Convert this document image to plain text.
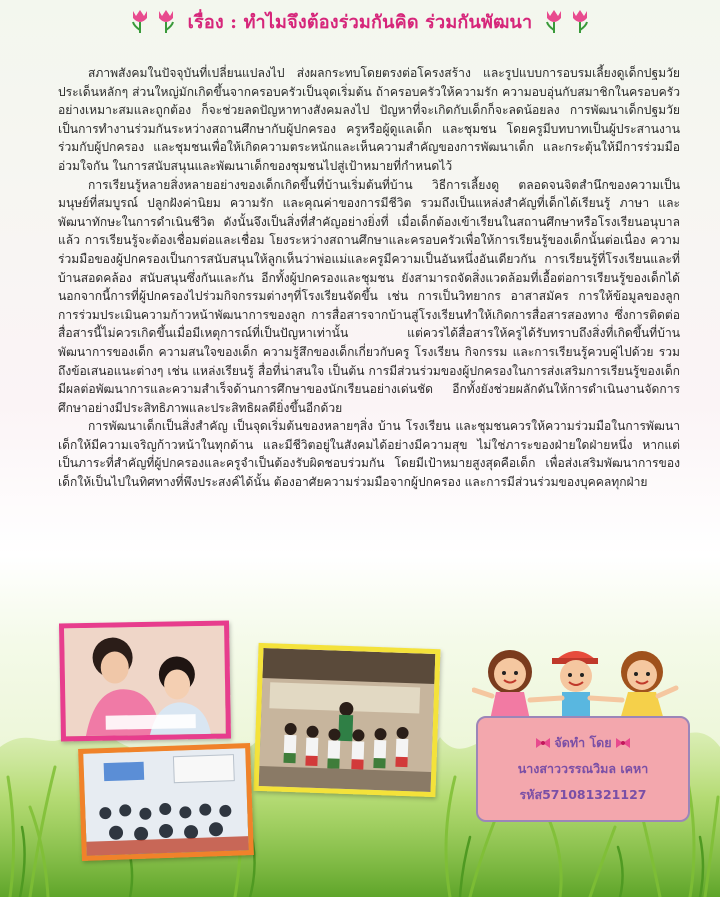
เรื่อง : ทำไมจึงต้องร่วมกันคิด ร่วมกันพัฒนา

สภาพสังคมในปัจจุบันที่เปลี่ยนแปลงไป ส่งผลกระทบโดยตรงต่อโครงสร้าง และรูปแบบการอบรมเลี้ยงดูเด็กปฐมวัย ประเด็นหลักๆ ส่วนใหญ่มักเกิดขึ้นจากครอบครัวเป็นจุดเริ่มต้น ถ้าครอบครัวให้ความรัก ความอบอุ่นกับสมาชิกในครอบครัวอย่างเหมาะสมและถูกต้อง ก็จะช่วยลดปัญหาทางสังคมลงไป ปัญหาที่จะเกิดกับเด็กก็จะลดน้อยลง การพัฒนาเด็กปฐมวัยเป็นการทำงานร่วมกันระหว่างสถานศึกษากับผู้ปกครอง ครูหรือผู้ดูแลเด็ก และชุมชน โดยครูมีบทบาทเป็นผู้ประสานงานร่วมกับผู้ปกครอง และชุมชนเพื่อให้เกิดความตระหนักและเห็นความสำคัญของการพัฒนาเด็ก และกระตุ้นให้มีการร่วมมืออ่วมใจกัน ในการสนับสนุนและพัฒนาเด็กของชุมชนไปสู่เป้าหมายที่กำหนดไว้

การเรียนรู้หลายสิ่งหลายอย่างของเด็กเกิดขึ้นที่บ้านเริ่มต้นที่บ้าน วิธีการเลี้ยงดู ตลอดจนจิตสำนึกของความเป็นมนุษย์ที่สมบูรณ์ ปลูกฝังค่านิยม ความรัก และคุณค่าของการมีชีวิต รวมถึงเป็นแหล่งสำคัญที่เด็กได้เรียนรู้ ภาษา และพัฒนาทักษะในการดำเนินชีวิต ดังนั้นจึงเป็นสิ่งที่สำคัญอย่างยิ่งที่ เมื่อเด็กต้องเข้าเรียนในสถานศึกษาหรือโรงเรียนอนุบาลแล้ว การเรียนรู้จะต้องเชื่อมต่อและเชื่อม โยงระหว่างสถานศึกษาและครอบครัวเพื่อให้การเรียนรู้ของเด็กนั้นต่อเนื่อง ความร่วมมือของผู้ปกครองเป็นการสนับสนุนให้ลูกเห็นว่าพ่อแม่และครูมีความเป็นอันหนึ่งอันเดียวกัน การเรียนรู้ที่โรงเรียนและที่บ้านสอดคล้อง สนับสนุนซึ่งกันและกัน อีกทั้งผู้ปกครองและชุมชน ยังสามารถจัดสิ่งแวดล้อมที่เอื้อต่อการเรียนรู้ของเด็กได้ นอกจากนี้การที่ผู้ปกครองไปร่วมกิจกรรมต่างๆที่โรงเรียนจัดขึ้น เช่น การเป็นวิทยากร อาสาสมัคร การให้ข้อมูลของลูก การร่วมประเมินความก้าวหน้าพัฒนาการของลูก การสื่อสารจากบ้านสู่โรงเรียนทำให้เกิดการสื่อสารสองทาง ซึ่งการติดต่อสื่อสารนี้ไม่ควรเกิดขึ้นเมื่อมีเหตุการณ์ที่เป็นปัญหาเท่านั้น แต่ควรได้สื่อสารให้ครูได้รับทราบถึงสิ่งที่เกิดขึ้นที่บ้าน พัฒนาการของเด็ก ความสนใจของเด็ก ความรู้สึกของเด็กเกี่ยวกับครู โรงเรียน กิจกรรม และการเรียนรู้ควบคู่ไปด้วย รวมถึงข้อเสนอแนะต่างๆ เช่น แหล่งเรียนรู้ สื่อที่น่าสนใจ เป็นต้น การมีส่วนร่วมของผู้ปกครองในการส่งเสริมการเรียนรู้ของเด็ก มีผลต่อพัฒนาการและความสำเร็จด้านการศึกษาของนักเรียนอย่างเด่นชัด อีกทั้งยังช่วยผลักดันให้การดำเนินงานจัดการศึกษาอย่างมีประสิทธิภาพและประสิทธิผลดียิ่งขึ้นอีกด้วย

การพัฒนาเด็กเป็นสิ่งสำคัญ เป็นจุดเริ่มต้นของหลายๆสิ่ง บ้าน โรงเรียน และชุมชนควรให้ความร่วมมือในการพัฒนาเด็กให้มีความเจริญก้าวหน้าในทุกด้าน และมีชีวิตอยู่ในสังคมได้อย่างมีความสุข ไม่ใช่ภาระของฝ่ายใดฝ่ายหนึ่ง หากแต่เป็นภาระที่สำคัญที่ผู้ปกครองและครูจำเป็นต้องรับผิดชอบร่วมกัน โดยมีเป้าหมายสูงสุดคือเด็ก เพื่อส่งเสริมพัฒนาการของเด็กให้เป็นไปในทิศทางที่พึงประสงค์ได้นั้น ต้องอาศัยความร่วมมือจากผู้ปกครอง และการมีส่วนร่วมของบุคคลทุกฝ่าย

จัดทำ โดย
นางสาววรรณวิมล เคหา
รหัส571081321127
